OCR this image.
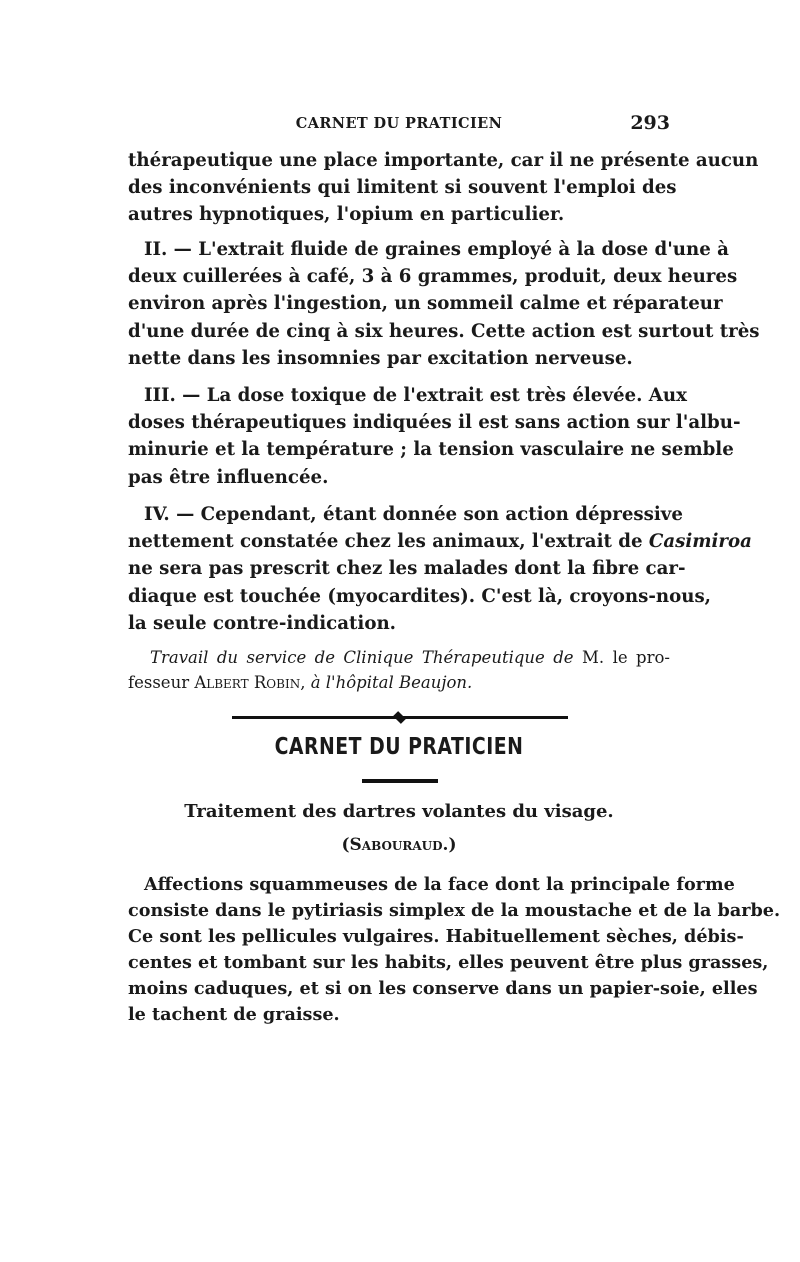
CARNET DU PRATICIEN	293
thérapeutique une place importante, car il ne présente aucun
des inconvénients qui limitent si souvent l'emploi des
autres hypnotiques, l'opium en particulier.
II. — L'extrait fluide de graines employé à la dose d'une à
deux cuillerées à café, 3 à 6 grammes, produit, deux heures
environ après l'ingestion, un sommeil calme et réparateur
d'une durée de cinq à six heures. Cette action est surtout très
nette dans les insomnies par excitation nerveuse.
III. — La dose toxique de l'extrait est très élevée. Aux
doses thérapeutiques indiquées il est sans action sur l'albu-
minurie et la température ; la tension vasculaire ne semble
pas être influencée.
IV. — Cependant, étant donnée son action dépressive
nettement constatée chez les animaux, l'extrait de Casimiroa
ne sera pas prescrit chez les malades dont la fibre car-
diaque est touchée (myocardites). C'est là, croyons-nous,
la seule contre-indication.
Travail du service de Clinique Thérapeutique de M. le pro-
fesseur Albert Robin, à l'hôpital Beaujon.
CARNET DU PRATICIEN
Traitement des dartres volantes du visage.
(Sabouraud.)
Affections squammeuses de la face dont la principale forme
consiste dans le pytiriasis simplex de la moustache et de la barbe.
Ce sont les pellicules vulgaires. Habituellement sèches, débis-
centes et tombant sur les habits, elles peuvent être plus grasses,
moins caduques, et si on les conserve dans un papier-soie, elles
le tachent de graisse.
